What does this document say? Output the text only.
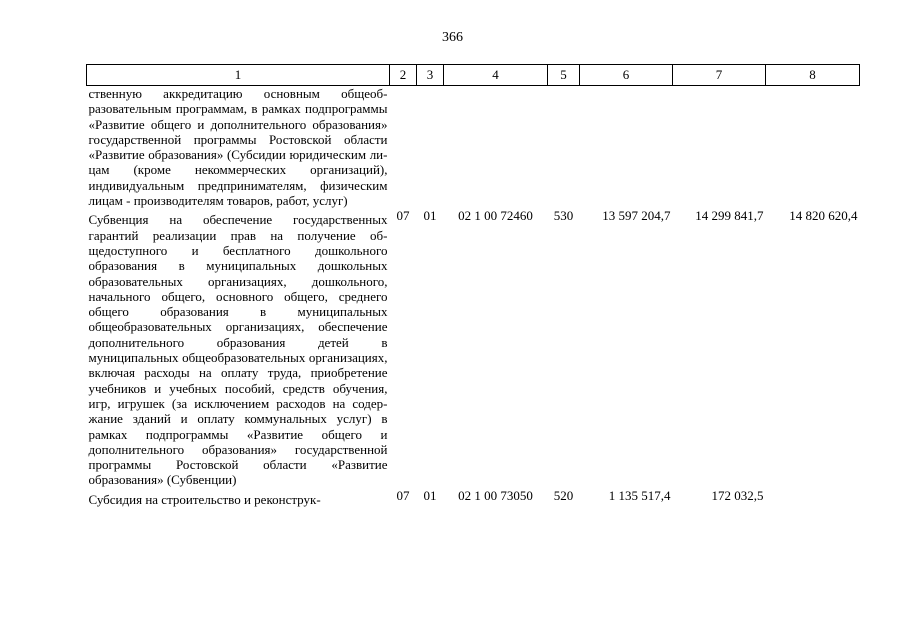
366
1	2	3	4	5	6	7	8
ственную аккредитацию основным общеобразовательным программам, в рамках подпрограммы «Развитие общего и дополнительного образования» государственной программы Ростовской области «Развитие образования» (Субсидии юридическим лицам (кроме некоммерческих организаций), индивидуальным предпринимателям, физическим лицам - производителям товаров, работ, услуг)							
Субвенция на обеспечение государственных гарантий реализации прав на получение общедоступного и бесплатного дошкольного образования в муниципальных дошкольных образовательных организациях, дошкольного, начального общего, основного общего, среднего общего образования в муниципальных общеобразовательных организациях, обеспечение дополнительного образования детей в муниципальных общеобразовательных организациях, включая расходы на оплату труда, приобретение учебников и учебных пособий, средств обучения, игр, игрушек (за исключением расходов на содержание зданий и оплату коммунальных услуг) в рамках подпрограммы «Развитие общего и дополнительного образования» государственной программы Ростовской области «Развитие образования» (Субвенции)	07	01	02 1 00 72460	530	13 597 204,7	14 299 841,7	14 820 620,4
Субсидия на строительство и реконструк-	07	01	02 1 00 73050	520	1 135 517,4	172 032,5	
